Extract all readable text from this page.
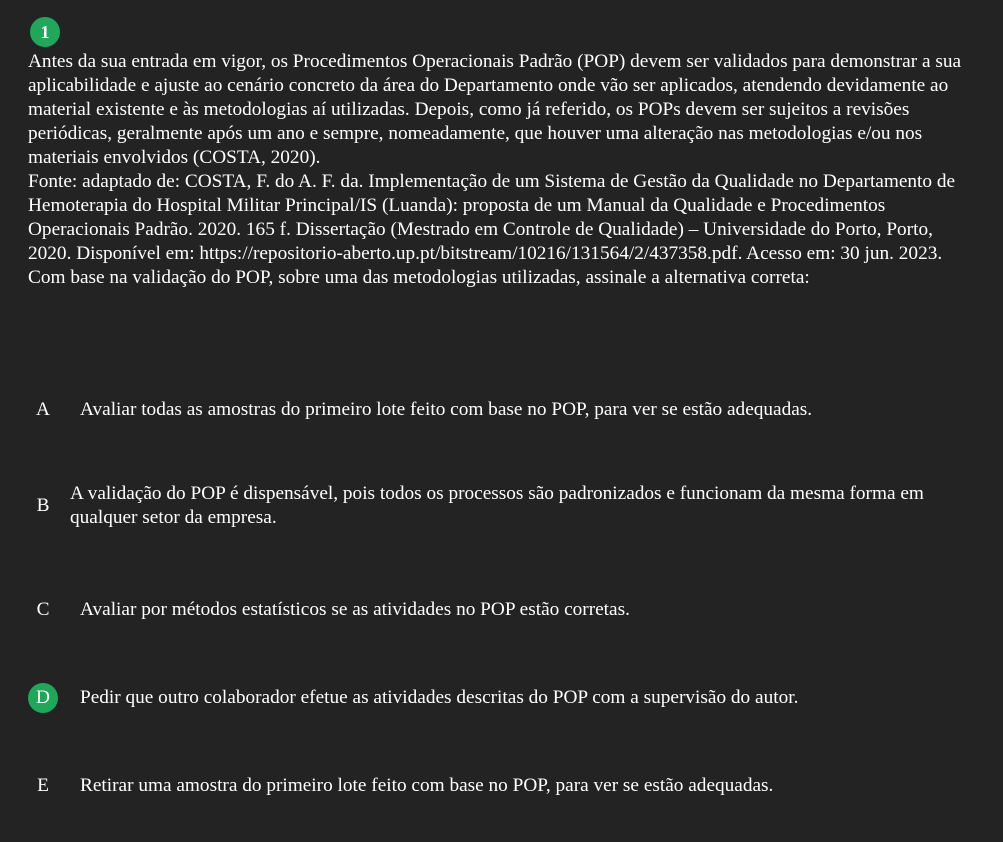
1

Antes da sua entrada em vigor, os Procedimentos Operacionais Padrão (POP) devem ser validados para demonstrar a sua aplicabilidade e ajuste ao cenário concreto da área do Departamento onde vão ser aplicados, atendendo devidamente ao material existente e às metodologias aí utilizadas. Depois, como já referido, os POPs devem ser sujeitos a revisões periódicas, geralmente após um ano e sempre, nomeadamente, que houver uma alteração nas metodologias e/ou nos materiais envolvidos (COSTA, 2020).

Fonte: adaptado de: COSTA, F. do A. F. da. Implementação de um Sistema de Gestão da Qualidade no Departamento de Hemoterapia do Hospital Militar Principal/IS (Luanda): proposta de um Manual da Qualidade e Procedimentos Operacionais Padrão. 2020. 165 f. Dissertação (Mestrado em Controle de Qualidade) – Universidade do Porto, Porto, 2020. Disponível em: https://repositorio-aberto.up.pt/bitstream/10216/131564/2/437358.pdf. Acesso em: 30 jun. 2023.

Com base na validação do POP, sobre uma das metodologias utilizadas, assinale a alternativa correta:

A	Avaliar todas as amostras do primeiro lote feito com base no POP, para ver se estão adequadas.
B
A validação do POP é dispensável, pois todos os processos são padronizados e funcionam da mesma forma em qualquer setor da empresa.
C	Avaliar por métodos estatísticos se as atividades no POP estão corretas.
D	Pedir que outro colaborador efetue as atividades descritas do POP com a supervisão do autor.
E	Retirar uma amostra do primeiro lote feito com base no POP, para ver se estão adequadas.
